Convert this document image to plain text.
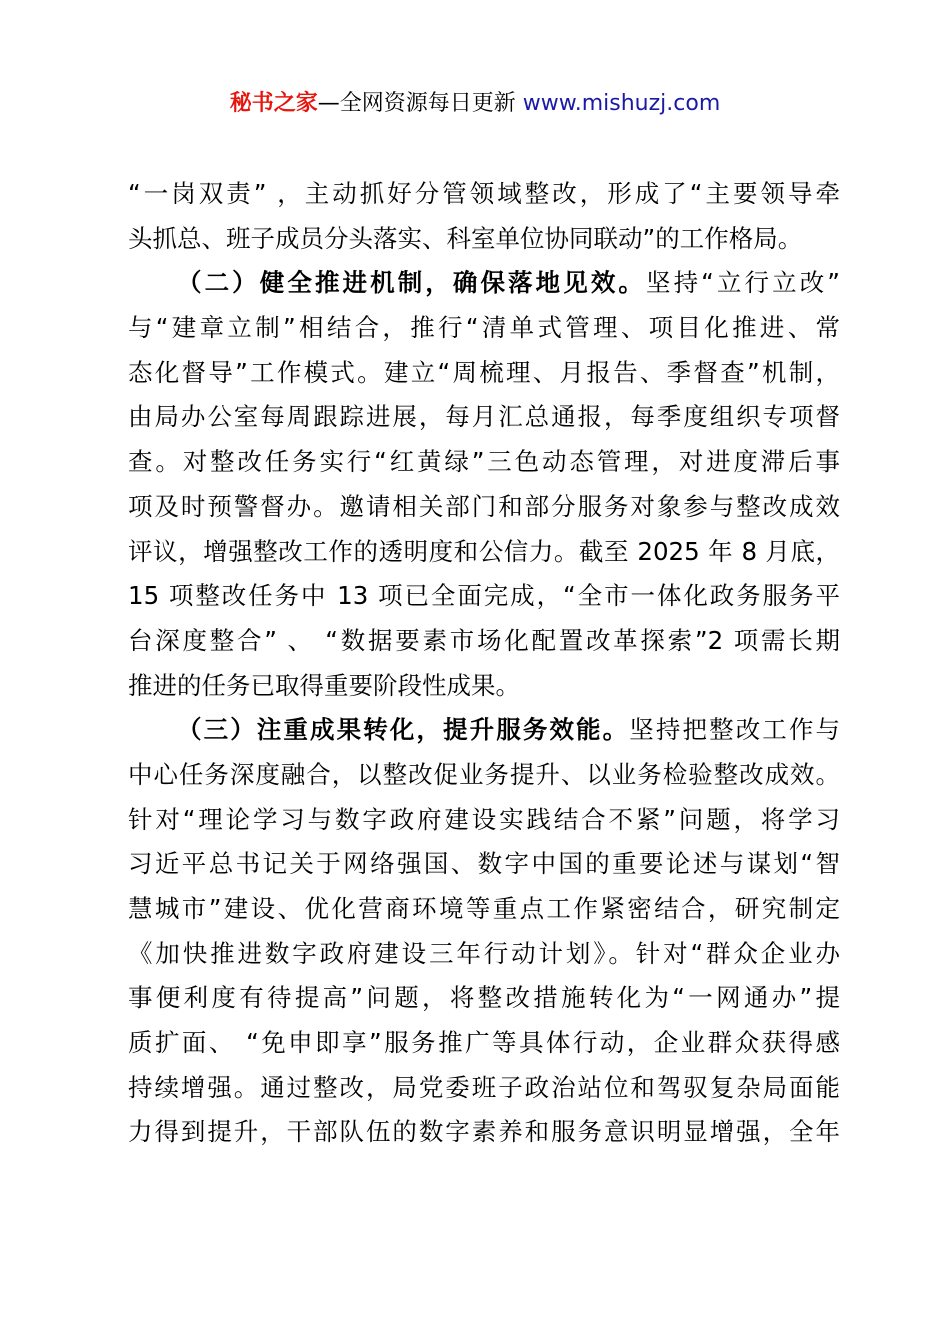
秘书之家—全网资源每日更新 www.mishuzj.com
“一岗双责” ，主动抓好分管领域整改，形成了“主要领导牵
头抓总、班子成员分头落实、科室单位协同联动”的工作格局。
（二）健全推进机制，确保落地见效。坚持“立行立改”
与“建章立制”相结合，推行“清单式管理、项目化推进、常
态化督导”工作模式。建立“周梳理、月报告、季督查”机制，
由局办公室每周跟踪进展，每月汇总通报，每季度组织专项督
查。对整改任务实行“红黄绿”三色动态管理，对进度滞后事
项及时预警督办。邀请相关部门和部分服务对象参与整改成效
评议，增强整改工作的透明度和公信力。截至 2025 年 8 月底，
15 项整改任务中 13 项已全面完成，“全市一体化政务服务平
台深度整合” 、 “数据要素市场化配置改革探索”2 项需长期
推进的任务已取得重要阶段性成果。
（三）注重成果转化，提升服务效能。坚持把整改工作与
中心任务深度融合，以整改促业务提升、以业务检验整改成效。
针对“理论学习与数字政府建设实践结合不紧”问题，将学习
习近平总书记关于网络强国、数字中国的重要论述与谋划“智
慧城市”建设、优化营商环境等重点工作紧密结合，研究制定
《加快推进数字政府建设三年行动计划》。针对“群众企业办
事便利度有待提高”问题，将整改措施转化为“一网通办”提
质扩面、 “免申即享”服务推广等具体行动，企业群众获得感
持续增强。通过整改，局党委班子政治站位和驾驭复杂局面能
力得到提升，干部队伍的数字素养和服务意识明显增强，全年
